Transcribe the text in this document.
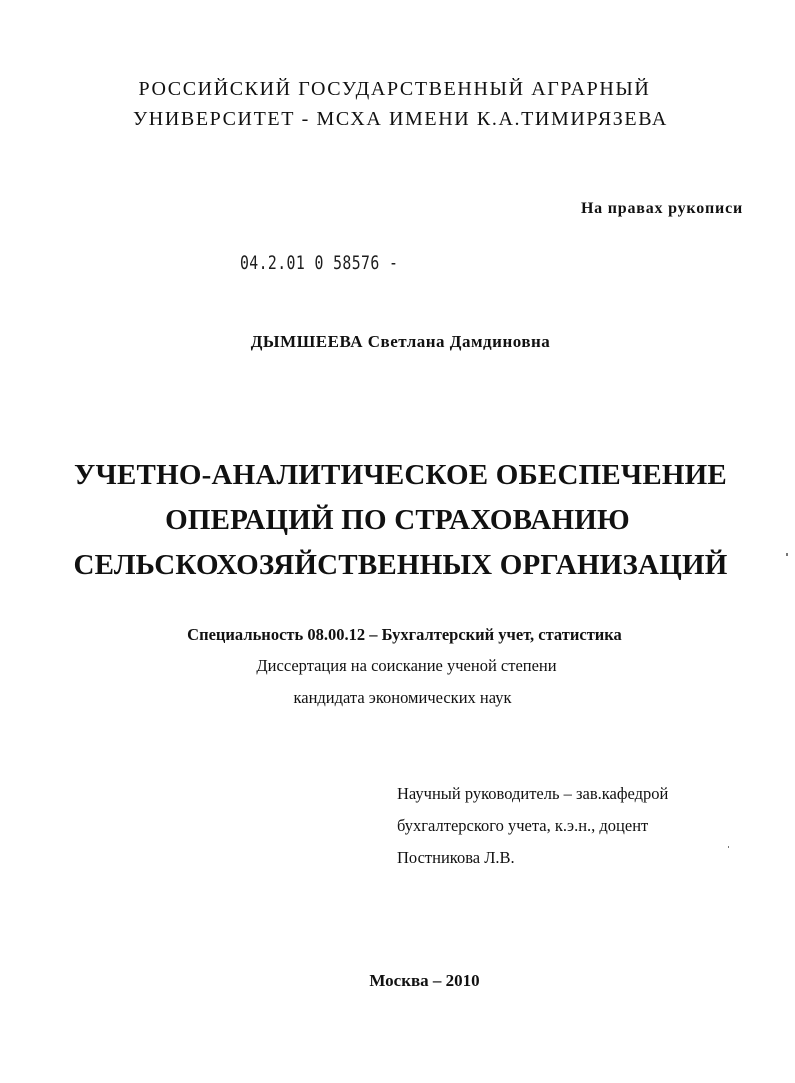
РОССИЙСКИЙ ГОСУДАРСТВЕННЫЙ АГРАРНЫЙ
УНИВЕРСИТЕТ - МСХА ИМЕНИ К.А.ТИМИРЯЗЕВА
На правах рукописи
04.2.01 0 58576 -
ДЫМШЕЕВА Светлана Дамдиновна
УЧЕТНО-АНАЛИТИЧЕСКОЕ ОБЕСПЕЧЕНИЕ
ОПЕРАЦИЙ ПО СТРАХОВАНИЮ
СЕЛЬСКОХОЗЯЙСТВЕННЫХ ОРГАНИЗАЦИЙ
Специальность 08.00.12 – Бухгалтерский учет, статистика
Диссертация на соискание ученой степени
кандидата экономических наук
Научный руководитель – зав.кафедрой
бухгалтерского учета, к.э.н., доцент
Постникова Л.В.
Москва – 2010
